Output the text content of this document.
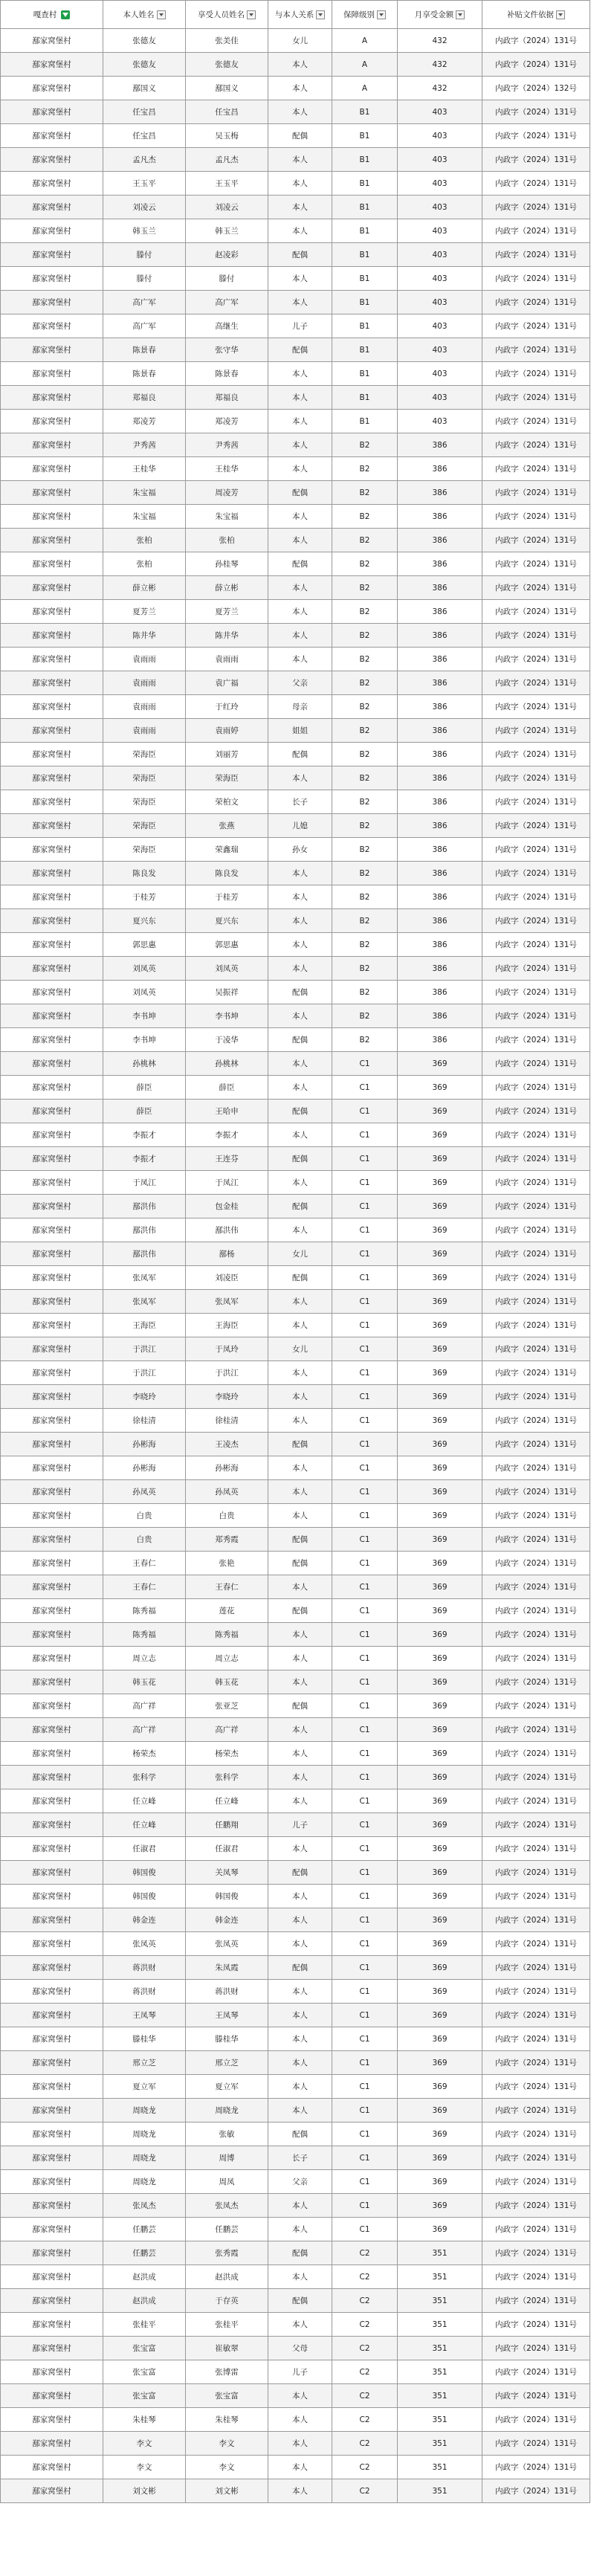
嘎查村	本人姓名	享受人员姓名	与本人关系	保障级别	月享受金额	补贴文件依据
鄯家窝堡村	张德友	张美佳	女儿	A	432	内政字（2024）131号
鄯家窝堡村	张德友	张德友	本人	A	432	内政字（2024）131号
鄯家窝堡村	鄯国义	鄯国义	本人	A	432	内政字（2024）132号
鄯家窝堡村	任宝昌	任宝昌	本人	B1	403	内政字（2024）131号
鄯家窝堡村	任宝昌	吴玉梅	配偶	B1	403	内政字（2024）131号
鄯家窝堡村	孟凡杰	孟凡杰	本人	B1	403	内政字（2024）131号
鄯家窝堡村	王玉平	王玉平	本人	B1	403	内政字（2024）131号
鄯家窝堡村	刘凌云	刘凌云	本人	B1	403	内政字（2024）131号
鄯家窝堡村	韩玉兰	韩玉兰	本人	B1	403	内政字（2024）131号
鄯家窝堡村	滕付	赵凌彩	配偶	B1	403	内政字（2024）131号
鄯家窝堡村	滕付	滕付	本人	B1	403	内政字（2024）131号
鄯家窝堡村	高广军	高广军	本人	B1	403	内政字（2024）131号
鄯家窝堡村	高广军	高继生	儿子	B1	403	内政字（2024）131号
鄯家窝堡村	陈景春	张守华	配偶	B1	403	内政字（2024）131号
鄯家窝堡村	陈景春	陈景春	本人	B1	403	内政字（2024）131号
鄯家窝堡村	郑福良	郑福良	本人	B1	403	内政字（2024）131号
鄯家窝堡村	郑凌芳	郑凌芳	本人	B1	403	内政字（2024）131号
鄯家窝堡村	尹秀茜	尹秀茜	本人	B2	386	内政字（2024）131号
鄯家窝堡村	王桂华	王桂华	本人	B2	386	内政字（2024）131号
鄯家窝堡村	朱宝福	周凌芳	配偶	B2	386	内政字（2024）131号
鄯家窝堡村	朱宝福	朱宝福	本人	B2	386	内政字（2024）131号
鄯家窝堡村	张柏	张柏	本人	B2	386	内政字（2024）131号
鄯家窝堡村	张柏	孙桂琴	配偶	B2	386	内政字（2024）131号
鄯家窝堡村	薛立彬	薛立彬	本人	B2	386	内政字（2024）131号
鄯家窝堡村	夏芳兰	夏芳兰	本人	B2	386	内政字（2024）131号
鄯家窝堡村	陈井华	陈井华	本人	B2	386	内政字（2024）131号
鄯家窝堡村	袁雨雨	袁雨雨	本人	B2	386	内政字（2024）131号
鄯家窝堡村	袁雨雨	袁广福	父亲	B2	386	内政字（2024）131号
鄯家窝堡村	袁雨雨	于红玲	母亲	B2	386	内政字（2024）131号
鄯家窝堡村	袁雨雨	袁雨婷	姐姐	B2	386	内政字（2024）131号
鄯家窝堡村	荣海臣	刘丽芳	配偶	B2	386	内政字（2024）131号
鄯家窝堡村	荣海臣	荣海臣	本人	B2	386	内政字（2024）131号
鄯家窝堡村	荣海臣	荣柏文	长子	B2	386	内政字（2024）131号
鄯家窝堡村	荣海臣	张燕	儿媳	B2	386	内政字（2024）131号
鄯家窝堡村	荣海臣	荣鑫瑞	孙女	B2	386	内政字（2024）131号
鄯家窝堡村	陈良发	陈良发	本人	B2	386	内政字（2024）131号
鄯家窝堡村	于桂芳	于桂芳	本人	B2	386	内政字（2024）131号
鄯家窝堡村	夏兴东	夏兴东	本人	B2	386	内政字（2024）131号
鄯家窝堡村	郭思惠	郭思惠	本人	B2	386	内政字（2024）131号
鄯家窝堡村	刘凤英	刘凤英	本人	B2	386	内政字（2024）131号
鄯家窝堡村	刘凤英	吴振祥	配偶	B2	386	内政字（2024）131号
鄯家窝堡村	李书坤	李书坤	本人	B2	386	内政字（2024）131号
鄯家窝堡村	李书坤	于凌华	配偶	B2	386	内政字（2024）131号
鄯家窝堡村	孙桃林	孙桃林	本人	C1	369	内政字（2024）131号
鄯家窝堡村	薛臣	薛臣	本人	C1	369	内政字（2024）131号
鄯家窝堡村	薛臣	王哈申	配偶	C1	369	内政字（2024）131号
鄯家窝堡村	李振才	李振才	本人	C1	369	内政字（2024）131号
鄯家窝堡村	李振才	王连芬	配偶	C1	369	内政字（2024）131号
鄯家窝堡村	于凤江	于凤江	本人	C1	369	内政字（2024）131号
鄯家窝堡村	鄯洪伟	包金桂	配偶	C1	369	内政字（2024）131号
鄯家窝堡村	鄯洪伟	鄯洪伟	本人	C1	369	内政字（2024）131号
鄯家窝堡村	鄯洪伟	鄯杨	女儿	C1	369	内政字（2024）131号
鄯家窝堡村	张凤军	刘凌臣	配偶	C1	369	内政字（2024）131号
鄯家窝堡村	张凤军	张凤军	本人	C1	369	内政字（2024）131号
鄯家窝堡村	王海臣	王海臣	本人	C1	369	内政字（2024）131号
鄯家窝堡村	于洪江	于凤玲	女儿	C1	369	内政字（2024）131号
鄯家窝堡村	于洪江	于洪江	本人	C1	369	内政字（2024）131号
鄯家窝堡村	李晓玲	李晓玲	本人	C1	369	内政字（2024）131号
鄯家窝堡村	徐桂清	徐桂清	本人	C1	369	内政字（2024）131号
鄯家窝堡村	孙彬海	王凌杰	配偶	C1	369	内政字（2024）131号
鄯家窝堡村	孙彬海	孙彬海	本人	C1	369	内政字（2024）131号
鄯家窝堡村	孙凤英	孙凤英	本人	C1	369	内政字（2024）131号
鄯家窝堡村	白贵	白贵	本人	C1	369	内政字（2024）131号
鄯家窝堡村	白贵	郑秀霞	配偶	C1	369	内政字（2024）131号
鄯家窝堡村	王春仁	张艳	配偶	C1	369	内政字（2024）131号
鄯家窝堡村	王春仁	王春仁	本人	C1	369	内政字（2024）131号
鄯家窝堡村	陈秀福	莲花	配偶	C1	369	内政字（2024）131号
鄯家窝堡村	陈秀福	陈秀福	本人	C1	369	内政字（2024）131号
鄯家窝堡村	周立志	周立志	本人	C1	369	内政字（2024）131号
鄯家窝堡村	韩玉花	韩玉花	本人	C1	369	内政字（2024）131号
鄯家窝堡村	高广祥	张亚芝	配偶	C1	369	内政字（2024）131号
鄯家窝堡村	高广祥	高广祥	本人	C1	369	内政字（2024）131号
鄯家窝堡村	杨荣杰	杨荣杰	本人	C1	369	内政字（2024）131号
鄯家窝堡村	张科学	张科学	本人	C1	369	内政字（2024）131号
鄯家窝堡村	任立峰	任立峰	本人	C1	369	内政字（2024）131号
鄯家窝堡村	任立峰	任鹏翔	儿子	C1	369	内政字（2024）131号
鄯家窝堡村	任淑君	任淑君	本人	C1	369	内政字（2024）131号
鄯家窝堡村	韩国俊	关凤琴	配偶	C1	369	内政字（2024）131号
鄯家窝堡村	韩国俊	韩国俊	本人	C1	369	内政字（2024）131号
鄯家窝堡村	韩金连	韩金连	本人	C1	369	内政字（2024）131号
鄯家窝堡村	张凤英	张凤英	本人	C1	369	内政字（2024）131号
鄯家窝堡村	蒋洪财	朱凤霞	配偶	C1	369	内政字（2024）131号
鄯家窝堡村	蒋洪财	蒋洪财	本人	C1	369	内政字（2024）131号
鄯家窝堡村	王凤琴	王凤琴	本人	C1	369	内政字（2024）131号
鄯家窝堡村	滕桂华	滕桂华	本人	C1	369	内政字（2024）131号
鄯家窝堡村	邢立芝	邢立芝	本人	C1	369	内政字（2024）131号
鄯家窝堡村	夏立军	夏立军	本人	C1	369	内政字（2024）131号
鄯家窝堡村	周晓龙	周晓龙	本人	C1	369	内政字（2024）131号
鄯家窝堡村	周晓龙	张敏	配偶	C1	369	内政字（2024）131号
鄯家窝堡村	周晓龙	周博	长子	C1	369	内政字（2024）131号
鄯家窝堡村	周晓龙	周凤	父亲	C1	369	内政字（2024）131号
鄯家窝堡村	张凤杰	张凤杰	本人	C1	369	内政字（2024）131号
鄯家窝堡村	任鹏芸	任鹏芸	本人	C1	369	内政字（2024）131号
鄯家窝堡村	任鹏芸	张秀霞	配偶	C2	351	内政字（2024）131号
鄯家窝堡村	赵洪成	赵洪成	本人	C2	351	内政字（2024）131号
鄯家窝堡村	赵洪成	于存英	配偶	C2	351	内政字（2024）131号
鄯家窝堡村	张桂平	张桂平	本人	C2	351	内政字（2024）131号
鄯家窝堡村	张宝富	崔敏翠	父母	C2	351	内政字（2024）131号
鄯家窝堡村	张宝富	张博雷	儿子	C2	351	内政字（2024）131号
鄯家窝堡村	张宝富	张宝富	本人	C2	351	内政字（2024）131号
鄯家窝堡村	朱桂琴	朱桂琴	本人	C2	351	内政字（2024）131号
鄯家窝堡村	李文	李文	本人	C2	351	内政字（2024）131号
鄯家窝堡村	李文	李文	本人	C2	351	内政字（2024）131号
鄯家窝堡村	刘文彬	刘文彬	本人	C2	351	内政字（2024）131号
